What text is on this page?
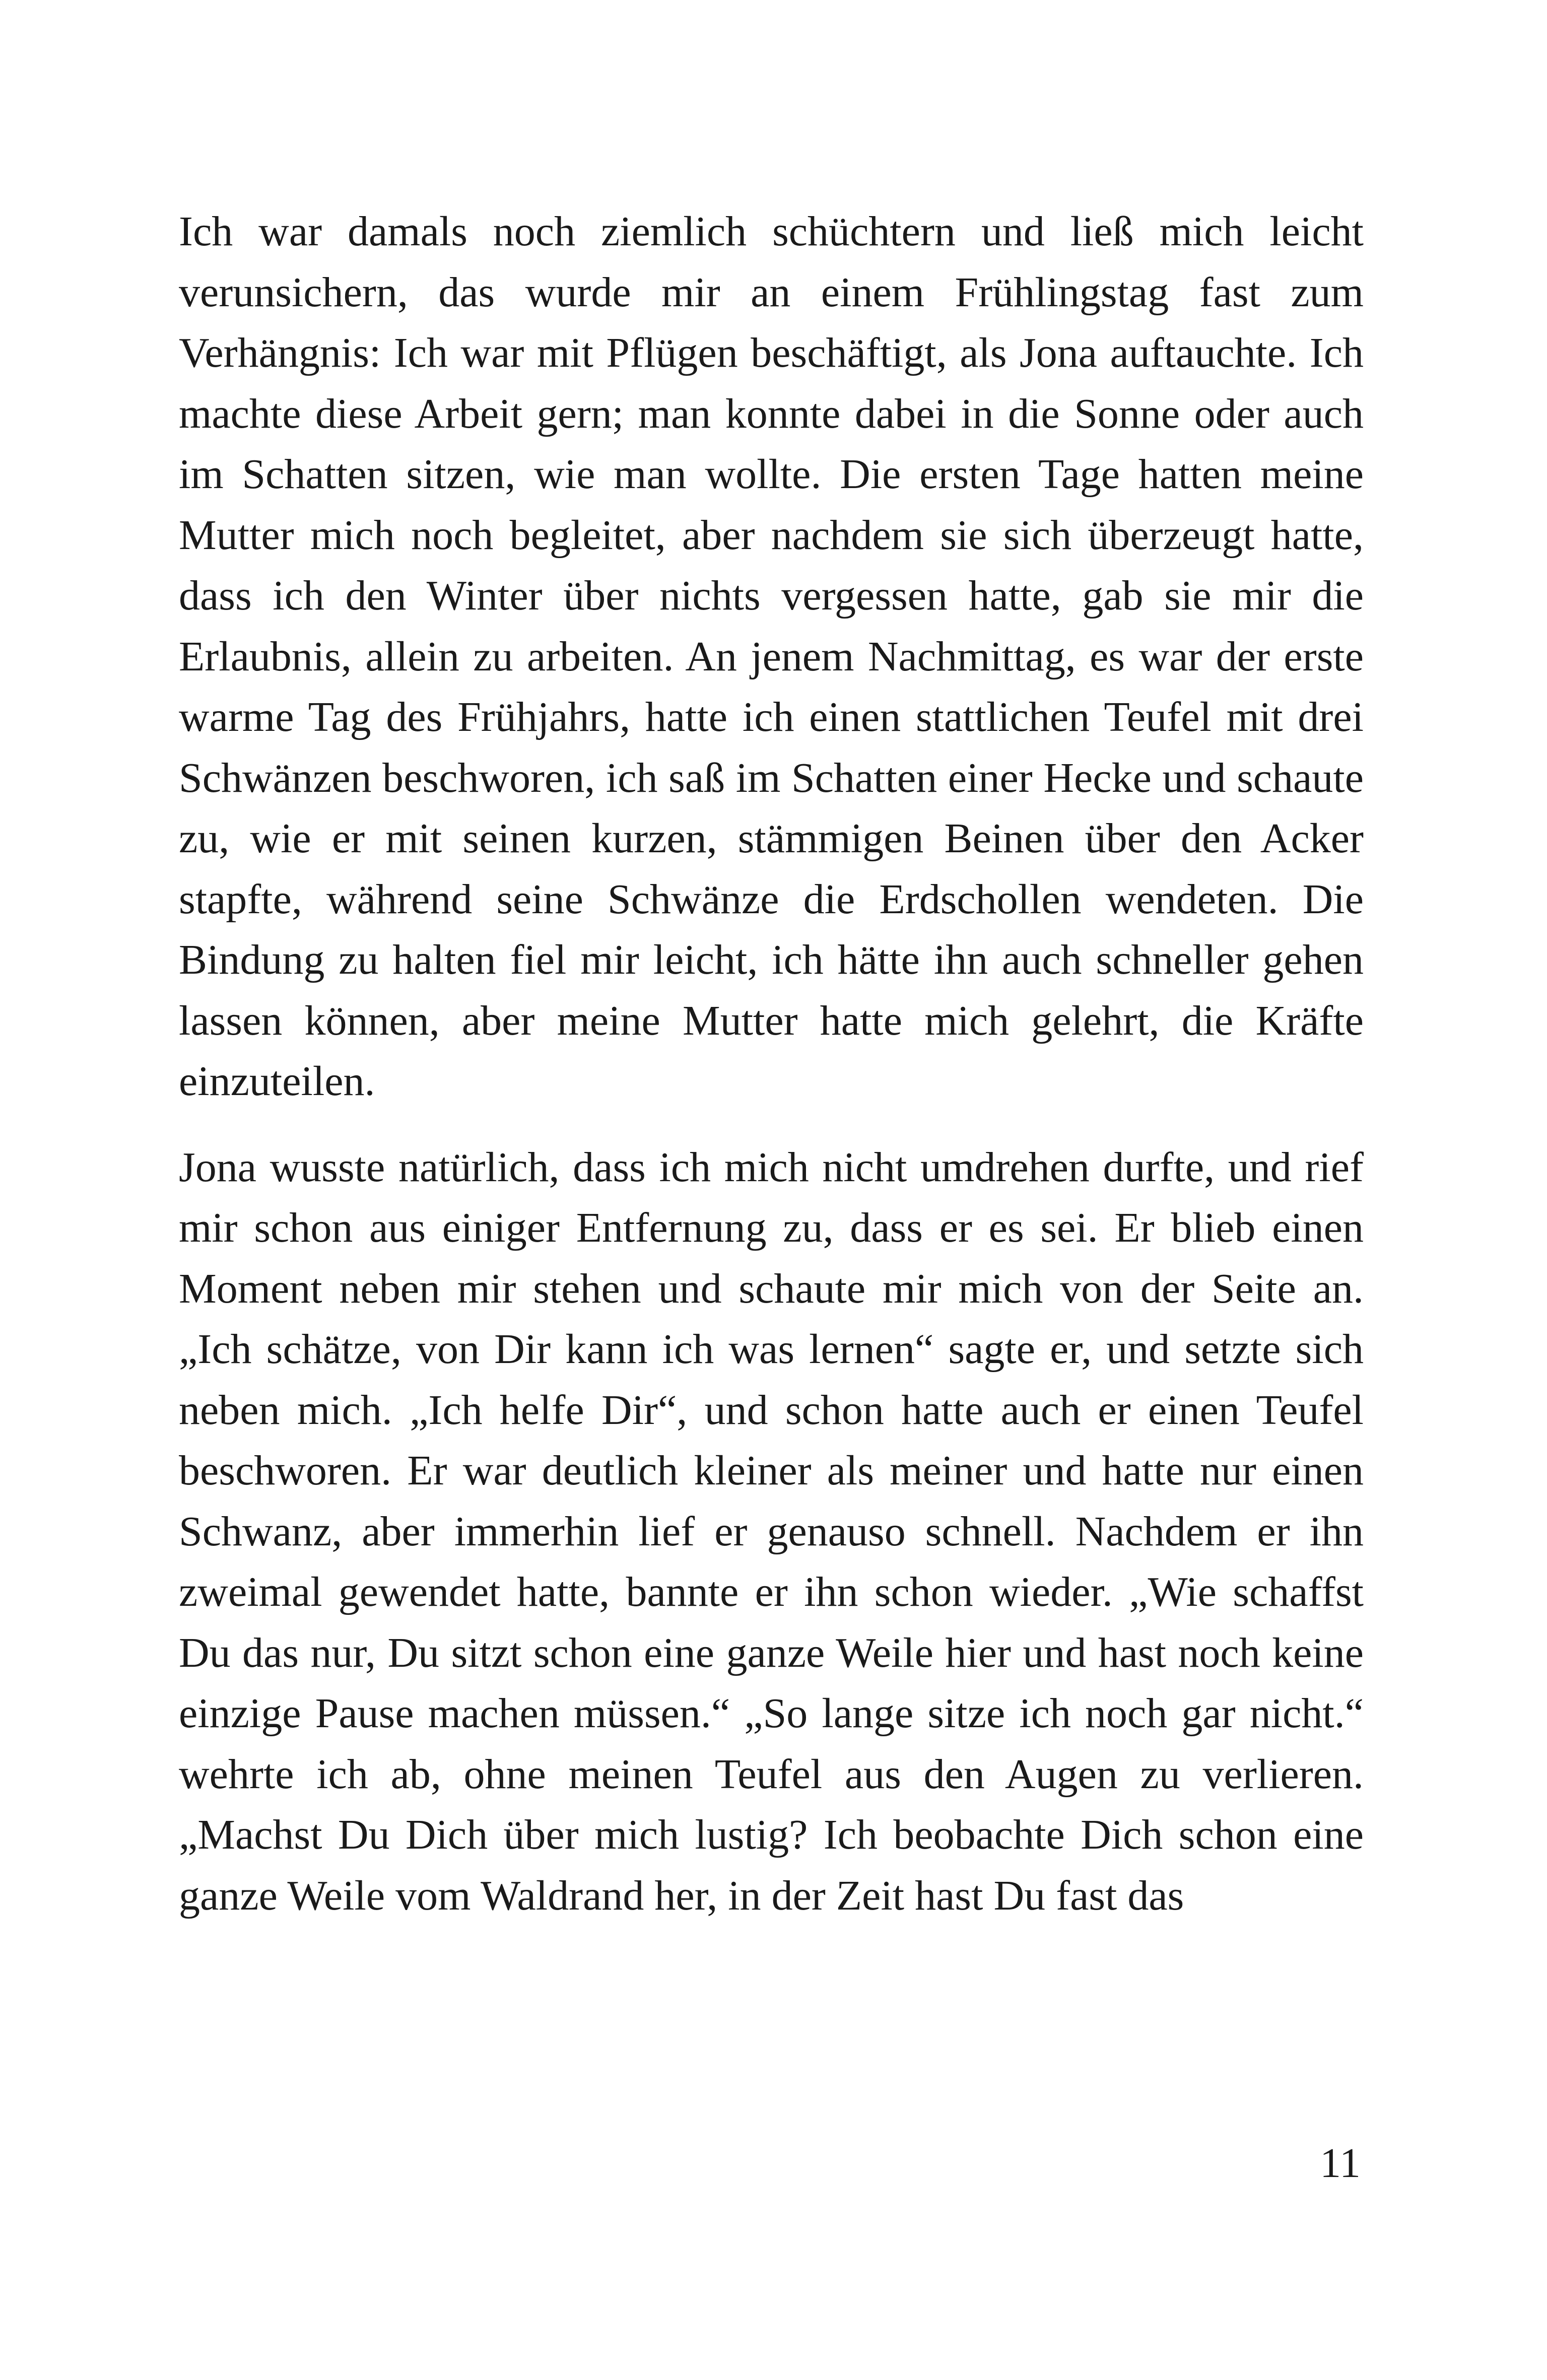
Ich war damals noch ziemlich schüchtern und ließ mich leicht verunsichern, das wurde mir an einem Frühlingstag fast zum Verhängnis: Ich war mit Pflügen beschäftigt, als Jona auftauchte. Ich machte diese Arbeit gern; man konnte dabei in die Sonne oder auch im Schatten sitzen, wie man wollte. Die ersten Tage hatten meine Mutter mich noch begleitet, aber nachdem sie sich überzeugt hatte, dass ich den Winter über nichts vergessen hatte, gab sie mir die Erlaubnis, allein zu arbeiten. An jenem Nachmittag, es war der erste warme Tag des Frühjahrs, hatte ich einen stattlichen Teufel mit drei Schwänzen beschworen, ich saß im Schatten einer Hecke und schaute zu, wie er mit seinen kurzen, stämmigen Beinen über den Acker stapfte, während seine Schwänze die Erdschollen wendeten. Die Bindung zu halten fiel mir leicht, ich hätte ihn auch schneller gehen lassen können, aber meine Mutter hatte mich gelehrt, die Kräfte einzuteilen.

Jona wusste natürlich, dass ich mich nicht umdrehen durfte, und rief mir schon aus einiger Entfernung zu, dass er es sei. Er blieb einen Moment neben mir stehen und schaute mir mich von der Seite an. „Ich schätze, von Dir kann ich was lernen“ sagte er, und setzte sich neben mich. „Ich helfe Dir“, und schon hatte auch er einen Teufel beschworen. Er war deutlich kleiner als meiner und hatte nur einen Schwanz, aber immerhin lief er genauso schnell. Nachdem er ihn zweimal gewendet hatte, bannte er ihn schon wieder. „Wie schaffst Du das nur, Du sitzt schon eine ganze Weile hier und hast noch keine einzige Pause machen müssen.“ „So lange sitze ich noch gar nicht.“ wehrte ich ab, ohne meinen Teufel aus den Augen zu verlieren. „Machst Du Dich über mich lustig? Ich beobachte Dich schon eine ganze Weile vom Waldrand her, in der Zeit hast Du fast das

11
